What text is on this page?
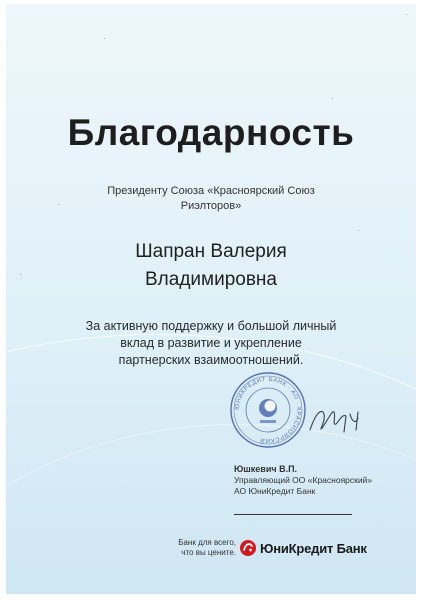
Благодарность
Президенту Союза «Красноярский Союз
Риэлторов»
Шапран Валерия
Владимировна
За активную поддержку и большой личный
вклад в развитие и укрепление
партнерских взаимоотношений.
ЮНИКРЕДИТ БАНК · АО · КРАСНОЯРСКИЙ
Юшкевич В.П.
Управляющий ОО «Красноярский»
АО ЮниКредит Банк
Банк для всего,
что вы цените. ЮниКредит Банк
